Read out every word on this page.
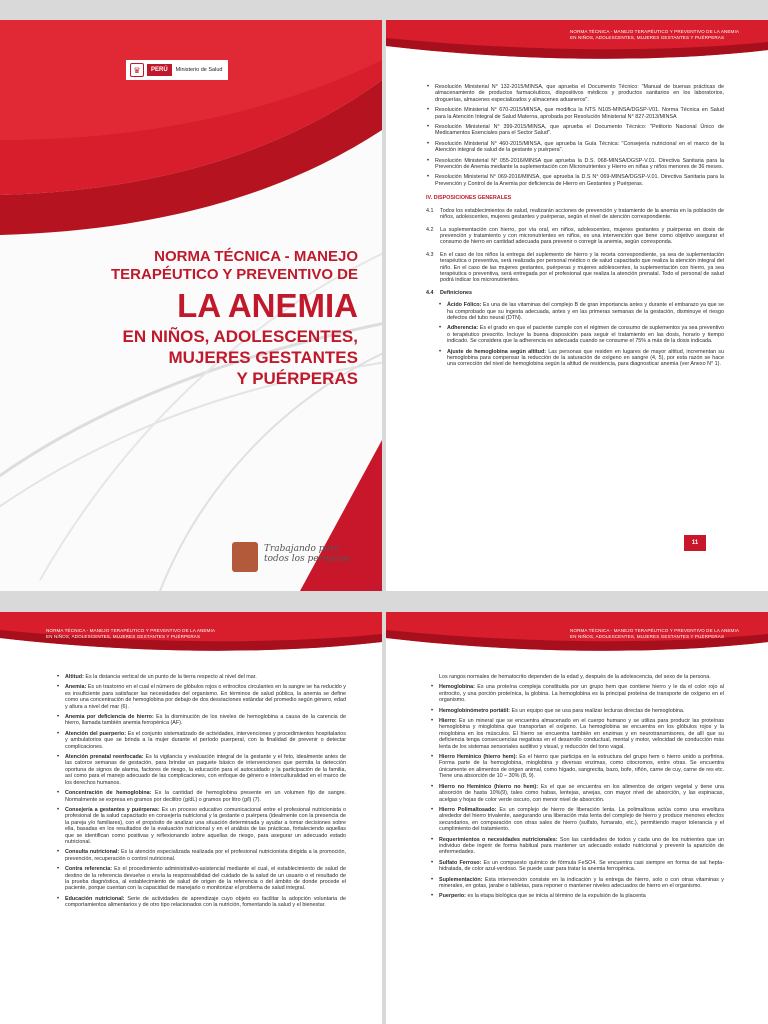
♛	PERÚ	Ministerio de Salud
NORMA TÉCNICA - MANEJO
TERAPÉUTICO Y PREVENTIVO DE
LA ANEMIA
EN NIÑOS, ADOLESCENTES,
MUJERES GESTANTES
Y PUÉRPERAS
Trabajando para
todos los peruanos
NORMA TÉCNICA - MANEJO TERAPÉUTICO Y PREVENTIVO DE LA ANEMIA
EN NIÑOS, ADOLESCENTES, MUJERES GESTANTES Y PUÉRPERAS
• Resolución Ministerial N° 132-2015/MINSA, que aprueba el Documento Técnico: "Manual de buenas prácticas de almacenamiento de productos farmacéuticos, dispositivos médicos y productos sanitarios en los laboratorios, droguerías, almacenes especializados y almacenes aduaneros".
• Resolución Ministerial N° 670-2015/MINSA, que modifica la NTS N105-MINSA/DGSP-V01. Norma Técnica en Salud para la Atención Integral de Salud Materna, aprobada por Resolución Ministerial N° 827-2013/MINSA
• Resolución Ministerial N° 399-2015/MINSA, que aprueba el Documento Técnico: "Petitorio Nacional Único de Medicamentos Esenciales para el Sector Salud".
• Resolución Ministerial N° 460-2015/MINSA, que aprueba la Guía Técnica: "Consejería nutricional en el marco de la Atención integral de salud de la gestante y puérpera".
• Resolución Ministerial N° 055-2016/MINSA que aprueba la D.S. 068-MINSA/DGSP-V.01. Directiva Sanitaria para la Prevención de Anemia mediante la suplementación con Micronutrientes y Hierro en niñas y niños menores de 36 meses.
• Resolución Ministerial N° 069-2016/MINSA, que aprueba la D.S N° 069-MINSA/DGSP-V.01. Directiva Sanitaria para la Prevención y Control de la Anemia por deficiencia de Hierro en Gestantes y Puérperas.
IV. DISPOSICIONES GENERALES
4.1	Todos los establecimientos de salud, realizarán acciones de prevención y tratamiento de la anemia en la población de niños, adolescentes, mujeres gestantes y puérperas, según el nivel de atención correspondiente.
4.2	La suplementación con hierro, por vía oral, en niños, adolescentes, mujeres gestantes y puérperas en dosis de prevención y tratamiento y con micronutrientes en niños, es una intervención que tiene como objetivo asegurar el consumo de hierro en cantidad adecuada para prevenir o corregir la anemia, según corresponda.
4.3	En el caso de los niños la entrega del suplemento de hierro y la receta correspondiente, ya sea de suplementación terapéutica o preventiva, será realizada por personal médico o de salud capacitado que realiza la atención integral del niño. En el caso de las mujeres gestantes, puérperas y mujeres adolescentes, la suplementación con hierro, ya sea terapéutica o preventiva, será entregada por el profesional que realiza la atención prenatal. Todo el personal de salud podrá indicar los micronutrientes.
4.4	Definiciones
• Ácido Fólico: Es una de las vitaminas del complejo B de gran importancia antes y durante el embarazo ya que se ha comprobado que su ingesta adecuada, antes y en las primeras semanas de la gestación, disminuye el riesgo defectos del tubo neural (DTN).
• Adherencia: Es el grado en que el paciente cumple con el régimen de consumo de suplementos ya sea preventivo o terapéutico prescrito. Incluye la buena disposición para seguir el tratamiento en las dosis, horario y tiempo indicado. Se considera que la adherencia es adecuada cuando se consume el 75% a más de la dosis indicada.
• Ajuste de hemoglobina según altitud: Las personas que residen en lugares de mayor altitud, incrementan su hemoglobina para compensar la reducción de la saturación de oxígeno en sangre (4, 5), por esta razón se hace una corrección del nivel de hemoglobina según la altitud de residencia, para diagnosticar anemia (ver Anexo N° 1).
11
NORMA TÉCNICA - MANEJO TERAPÉUTICO Y PREVENTIVO DE LA ANEMIA
EN NIÑOS, ADOLESCENTES, MUJERES GESTANTES Y PUÉRPERAS
• Altitud: Es la distancia vertical de un punto de la tierra respecto al nivel del mar.
• Anemia: Es un trastorno en el cual el número de glóbulos rojos o eritrocitos circulantes en la sangre se ha reducido y es insuficiente para satisfacer las necesidades del organismo. En términos de salud pública, la anemia se define como una concentración de hemoglobina por debajo de dos desviaciones estándar del promedio según género, edad y altura a nivel del mar (6).
• Anemia por deficiencia de hierro: Es la disminución de los niveles de hemoglobina a causa de la carencia de hierro, llamada también anemia ferropénica (AF).
• Atención del puerperio: Es el conjunto sistematizado de actividades, intervenciones y procedimientos hospitalarios y ambulatorios que se brinda a la mujer durante el período puerperal, con la finalidad de prevenir o detectar complicaciones.
• Atención prenatal reenfocada: Es la vigilancia y evaluación integral de la gestante y el feto, idealmente antes de las catorce semanas de gestación, para brindar un paquete básico de intervenciones que permita la detección oportuna de signos de alarma, factores de riesgo, la educación para el autocuidado y la participación de la familia, así como para el manejo adecuado de las complicaciones, con enfoque de género e interculturalidad en el marco de los derechos humanos.
• Concentración de hemoglobina: Es la cantidad de hemoglobina presente en un volumen fijo de sangre. Normalmente se expresa en gramos por decilitro (g/dL) o gramos por litro (g/l) (7).
• Consejería a gestantes y puérperas: Es un proceso educativo comunicacional entre el profesional nutricionista o profesional de la salud capacitado en consejería nutricional y la gestante o puérpera (idealmente con la presencia de la pareja y/o familiares), con el propósito de analizar una situación determinada y ayudar a tomar decisiones sobre ella, basadas en los resultados de la evaluación nutricional y en el análisis de las prácticas, fortaleciendo aquellas que se identifican como positivas y reflexionando sobre aquellas de riesgo, para asegurar un adecuado estado nutricional.
• Consulta nutricional: Es la atención especializada realizada por el profesional nutricionista dirigida a la promoción, prevención, recuperación o control nutricional.
• Contra referencia: Es el procedimiento administrativo-asistencial mediante el cual, el establecimiento de salud de destino de la referencia devuelve o envía la responsabilidad del cuidado de la salud de un usuario o el resultado de la prueba diagnóstica, al establecimiento de salud de origen de la referencia o del ámbito de donde procede el paciente, porque cuentan con la capacidad de manejarlo o monitorizar el problema de salud integral.
• Educación nutricional: Serie de actividades de aprendizaje cuyo objeto es facilitar la adopción voluntaria de comportamientos alimentarios y de otro tipo relacionados con la nutrición, fomentando la salud y el bienestar.
NORMA TÉCNICA - MANEJO TERAPÉUTICO Y PREVENTIVO DE LA ANEMIA
EN NIÑOS, ADOLESCENTES, MUJERES GESTANTES Y PUÉRPERAS
Los rangos normales de hematocrito dependen de la edad y, después de la adolescencia, del sexo de la persona.
• Hemoglobina: Es una proteína compleja constituida por un grupo hem que contiene hierro y le da el color rojo al eritrocito, y una porción proteínica, la globina. La hemoglobina es la principal proteína de transporte de oxígeno en el organismo.
• Hemoglobinómetro portátil: Es un equipo que se usa para realizar lecturas directas de hemoglobina.
• Hierro: Es un mineral que se encuentra almacenado en el cuerpo humano y se utiliza para producir las proteínas hemoglobina y mioglobina que transportan el oxígeno. La hemoglobina se encuentra en los glóbulos rojos y la mioglobina en los músculos. El hierro se encuentra también en enzimas y en neurotransmisores, de allí que su deficiencia tenga consecuencias negativas en el desarrollo conductual, mental y motor, velocidad de conducción más lenta de los sistemas sensoriales auditivo y visual, y reducción del tono vagal.
• Hierro Hemínico (hierro hem): Es el hierro que participa en la estructura del grupo hem o hierro unido a porfirina. Forma parte de la hemoglobina, mioglobina y diversas enzimas, como citocromos, entre otras. Se encuentra únicamente en alimentos de origen animal, como hígado, sangrecita, bazo, bofe, riñón, carne de cuy, carne de res etc. Tiene una absorción de 10 – 30% (8, 9).
• Hierro no Hemínico (hierro no hem): Es el que se encuentra en los alimentos de origen vegetal y tiene una absorción de hasta 10%(9), tales como habas, lentejas, arvejas, con mayor nivel de absorción, y las espinacas, acelgas y hojas de color verde oscuro, con menor nivel de absorción.
• Hierro Polimaltosado: Es un complejo de hierro de liberación lenta. La polimaltosa actúa como una envoltura alrededor del hierro trivalente, asegurando una liberación más lenta del complejo de hierro y produce menores efectos secundarios, en comparación con otras sales de hierro (sulfato, fumarato, etc.), permitiendo mayor tolerancia y el cumplimiento del tratamiento.
• Requerimientos o necesidades nutricionales: Son las cantidades de todos y cada uno de los nutrientes que un individuo debe ingerir de forma habitual para mantener un adecuado estado nutricional y prevenir la aparición de enfermedades.
• Sulfato Ferroso: Es un compuesto químico de fórmula FeSO4. Se encuentra casi siempre en forma de sal hepta-hidratada, de color azul-verdoso. Se puede usar para tratar la anemia ferropénica.
• Suplementación: Esta intervención consiste en la indicación y la entrega de hierro, solo o con otras vitaminas y minerales, en gotas, jarabe o tabletas, para reponer o mantener niveles adecuados de hierro en el organismo.
• Puerperio: es la etapa biológica que se inicia al término de la expulsión de la placenta
